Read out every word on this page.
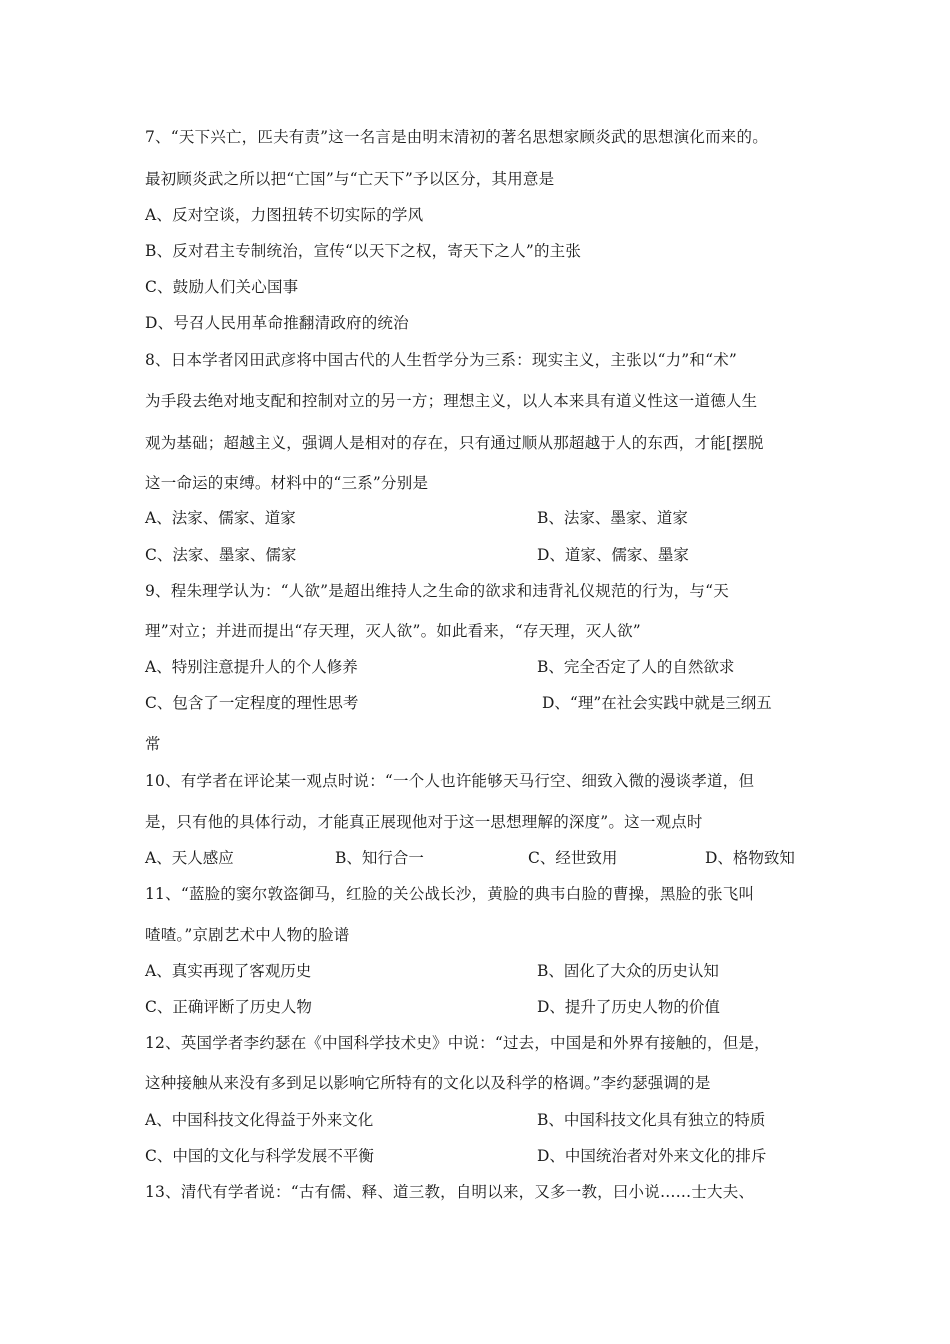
7、“天下兴亡，匹夫有责”这一名言是由明末清初的著名思想家顾炎武的思想演化而来的。
最初顾炎武之所以把“亡国”与“亡天下”予以区分，其用意是
A、反对空谈，力图扭转不切实际的学风
B、反对君主专制统治，宣传“以天下之权，寄天下之人”的主张
C、鼓励人们关心国事
D、号召人民用革命推翻清政府的统治
8、日本学者冈田武彦将中国古代的人生哲学分为三系：现实主义，主张以“力”和“术”
为手段去绝对地支配和控制对立的另一方；理想主义，以人本来具有道义性这一道德人生
观为基础；超越主义，强调人是相对的存在，只有通过顺从那超越于人的东西，才能[摆脱
这一命运的束缚。材料中的“三系”分别是
A、法家、儒家、道家	B、法家、墨家、道家
C、法家、墨家、儒家	D、道家、儒家、墨家
9、程朱理学认为：“人欲”是超出维持人之生命的欲求和违背礼仪规范的行为，与“天
理”对立；并进而提出“存天理，灭人欲”。如此看来，“存天理，灭人欲”
A、特别注意提升人的个人修养	B、完全否定了人的自然欲求
C、包含了一定程度的理性思考	D、“理”在社会实践中就是三纲五
常
10、有学者在评论某一观点时说：“一个人也许能够天马行空、细致入微的漫谈孝道，但
是，只有他的具体行动，才能真正展现他对于这一思想理解的深度”。这一观点时
A、天人感应	B、知行合一	C、经世致用	D、格物致知
11、“蓝脸的窦尔敦盗御马，红脸的关公战长沙，黄脸的典韦白脸的曹操，黑脸的张飞叫
喳喳。”京剧艺术中人物的脸谱
A、真实再现了客观历史	B、固化了大众的历史认知
C、正确评断了历史人物	D、提升了历史人物的价值
12、英国学者李约瑟在《中国科学技术史》中说：“过去，中国是和外界有接触的，但是，
这种接触从来没有多到足以影响它所特有的文化以及科学的格调。”李约瑟强调的是
A、中国科技文化得益于外来文化	B、中国科技文化具有独立的特质
C、中国的文化与科学发展不平衡	D、中国统治者对外来文化的排斥
13、清代有学者说：“古有儒、释、道三教，自明以来，又多一教，曰小说……士大夫、
